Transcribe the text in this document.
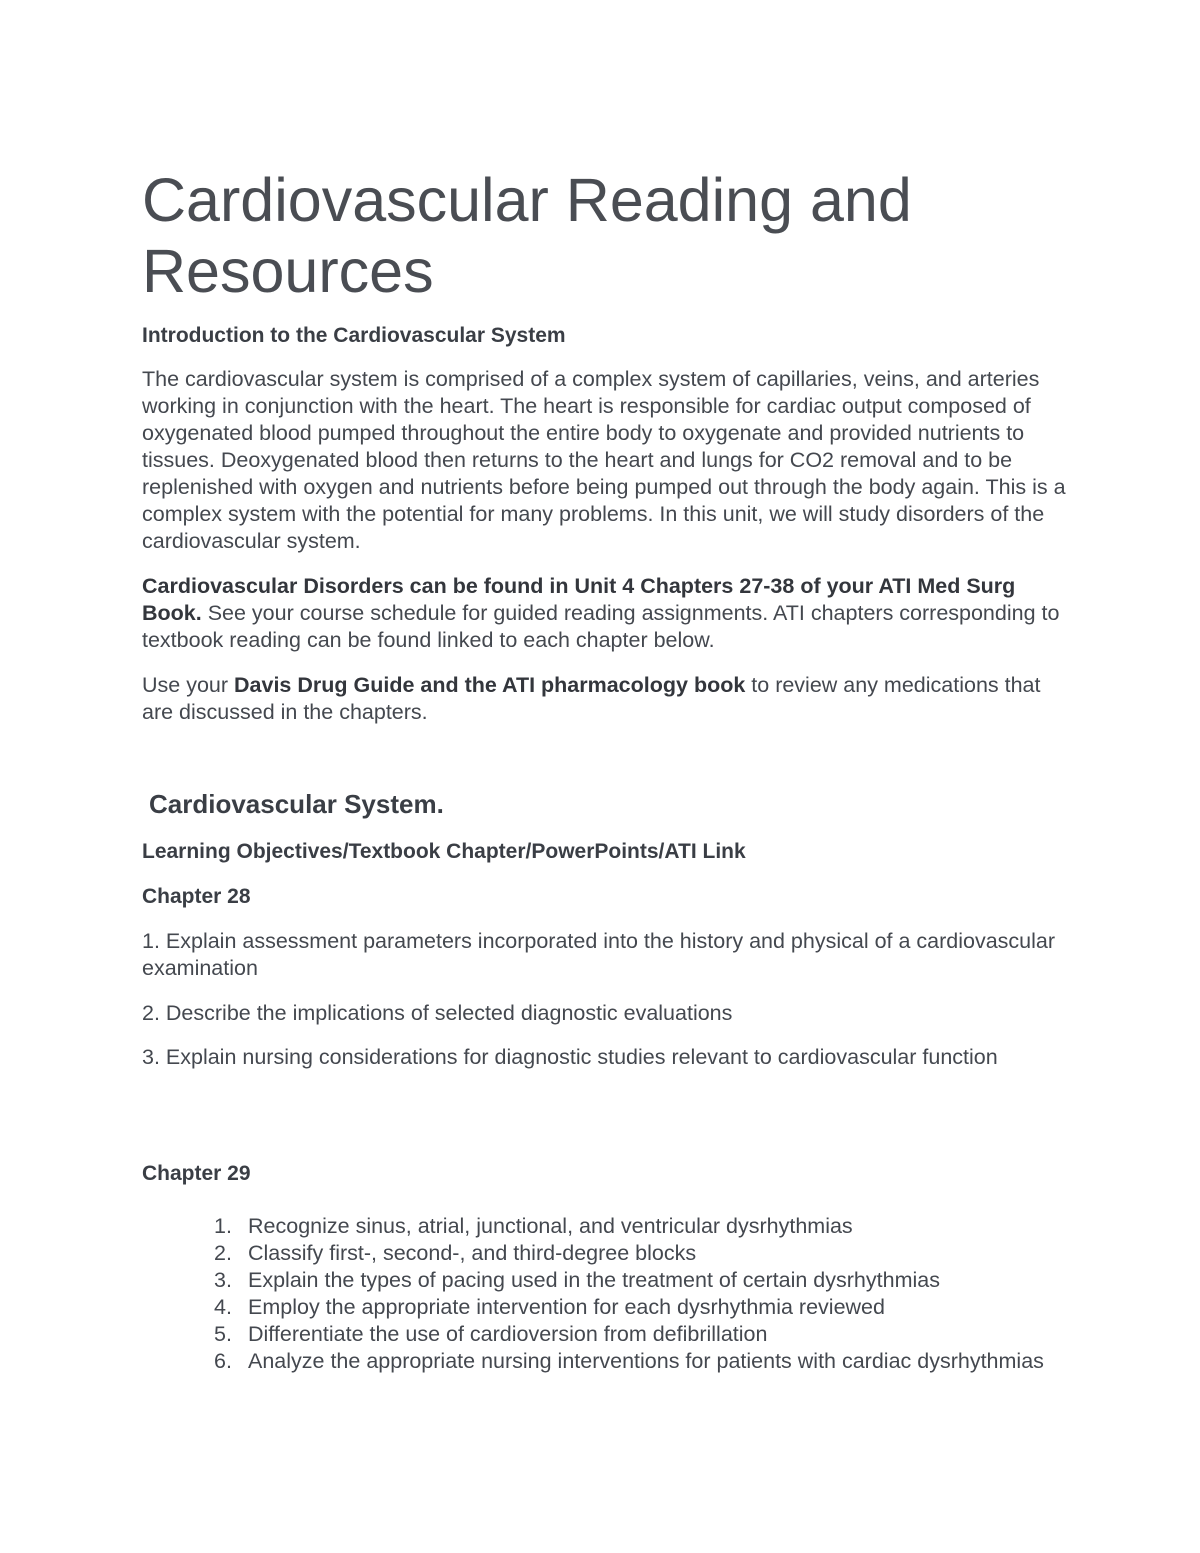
Cardiovascular Reading and Resources
Introduction to the Cardiovascular System

The cardiovascular system is comprised of a complex system of capillaries, veins, and arteries working in conjunction with the heart. The heart is responsible for cardiac output composed of oxygenated blood pumped throughout the entire body to oxygenate and provided nutrients to tissues. Deoxygenated blood then returns to the heart and lungs for CO2 removal and to be replenished with oxygen and nutrients before being pumped out through the body again. This is a complex system with the potential for many problems. In this unit, we will study disorders of the cardiovascular system.

Cardiovascular Disorders can be found in Unit 4 Chapters 27-38 of your ATI Med Surg Book. See your course schedule for guided reading assignments. ATI chapters corresponding to textbook reading can be found linked to each chapter below.

Use your Davis Drug Guide and the ATI pharmacology book to review any medications that are discussed in the chapters.

Cardiovascular System.
Learning Objectives/Textbook Chapter/PowerPoints/ATI Link
Chapter 28

1. Explain assessment parameters incorporated into the history and physical of a cardiovascular examination

2. Describe the implications of selected diagnostic evaluations

3. Explain nursing considerations for diagnostic studies relevant to cardiovascular function

Chapter 29
1. Recognize sinus, atrial, junctional, and ventricular dysrhythmias
2. Classify first-, second-, and third-degree blocks
3. Explain the types of pacing used in the treatment of certain dysrhythmias
4. Employ the appropriate intervention for each dysrhythmia reviewed
5. Differentiate the use of cardioversion from defibrillation
6. Analyze the appropriate nursing interventions for patients with cardiac dysrhythmias
